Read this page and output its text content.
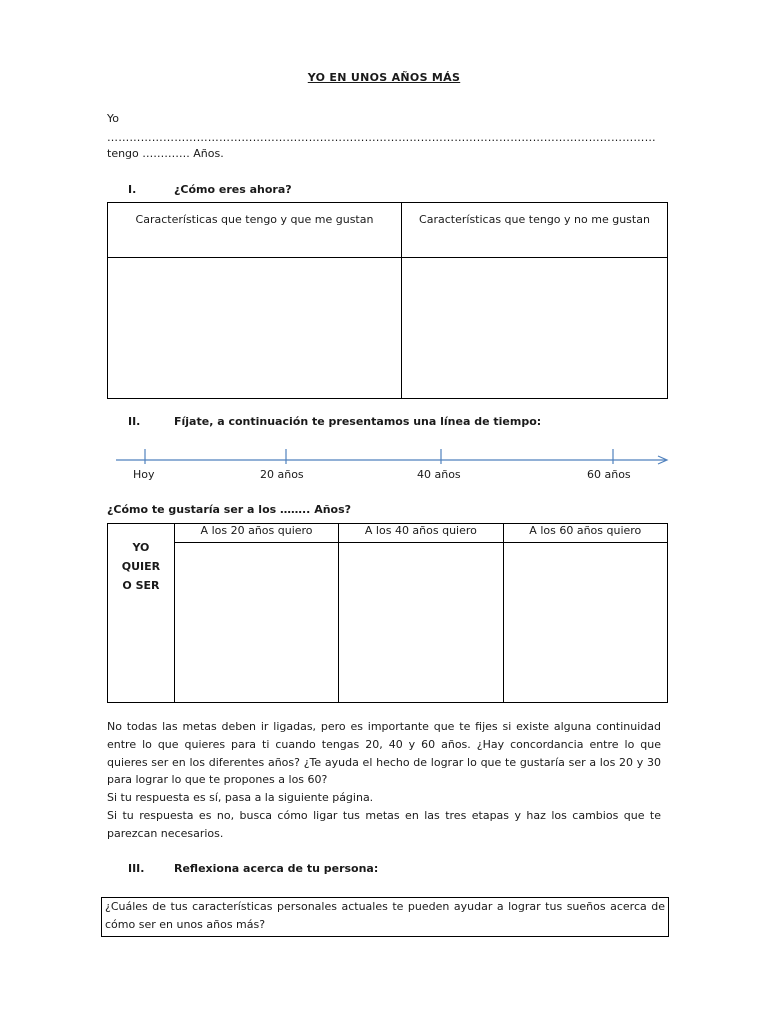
YO EN UNOS AÑOS MÁS
Yo
…………………………………………………………………………………………………………………………………
tengo …………. Años.
I.	¿Cómo eres ahora?
Características que tengo y que me gustan	Características que tengo y no me gustan

II.	Fíjate, a continuación te presentamos una línea de tiempo:
Hoy	20 años	40 años	60 años
¿Cómo te gustaría ser a los …….. Años?
YO
QUIER
O SER	A los 20 años quiero	A los 40 años quiero	A los 60 años quiero

No todas las metas deben ir ligadas, pero es importante que te fijes si existe alguna continuidad entre lo que quieres para ti cuando tengas 20, 40 y 60 años. ¿Hay concordancia entre lo que quieres ser en los diferentes años? ¿Te ayuda el hecho de lograr lo que te gustaría ser a los 20 y 30 para lograr lo que te propones a los 60?

Si tu respuesta es sí, pasa a la siguiente página.

Si tu respuesta es no, busca cómo ligar tus metas en las tres etapas y haz los cambios que te parezcan necesarios.

III.	Reflexiona acerca de tu persona:
¿Cuáles de tus características personales actuales te pueden ayudar a lograr tus sueños acerca de cómo ser en unos años más?
